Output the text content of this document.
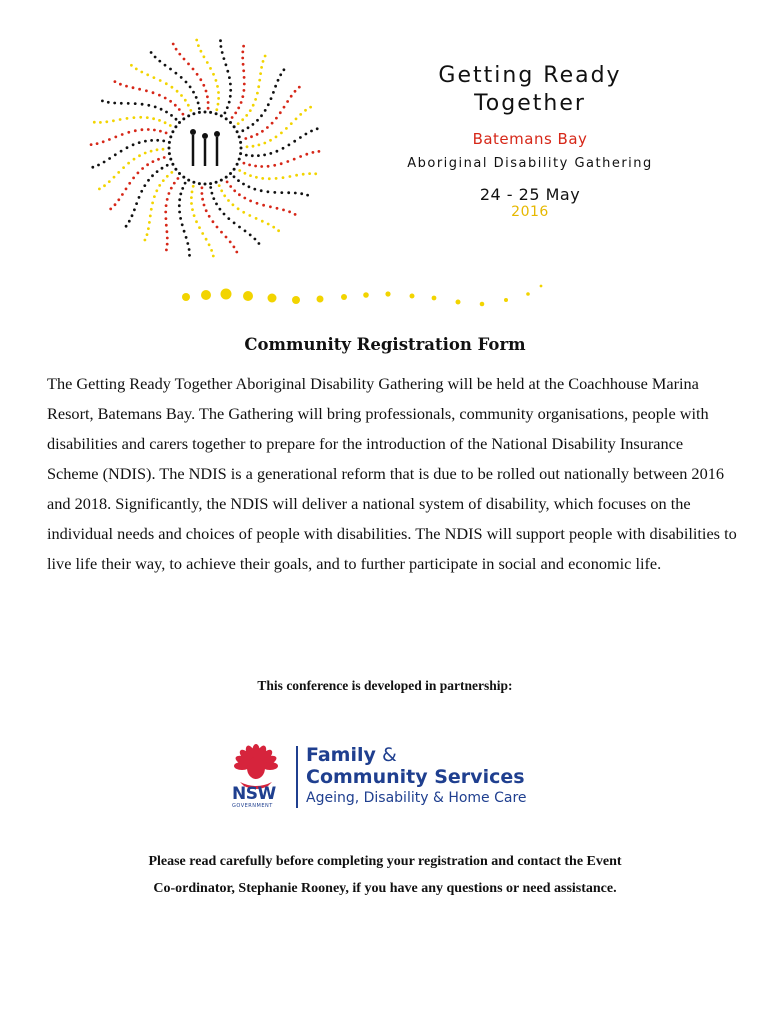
Getting Ready
Together
Batemans Bay
Aboriginal Disability Gathering
24 - 25 May
2016
Community Registration Form
The Getting Ready Together Aboriginal Disability Gathering will be held at the Coachhouse Marina Resort, Batemans Bay. The Gathering will bring professionals, community organisations, people with disabilities and carers together to prepare for the introduction of the National Disability Insurance Scheme (NDIS). The NDIS is a generational reform that is due to be rolled out nationally between 2016 and 2018. Significantly, the NDIS will deliver a national system of disability, which focuses on the individual needs and choices of people with disabilities. The NDIS will support people with disabilities to live life their way, to achieve their goals, and to further participate in social and economic life.
This conference is developed in partnership:
NSW
GOVERNMENT
Family &
Community Services
Ageing, Disability & Home Care
Please read carefully before completing your registration and contact the Event
Co-ordinator, Stephanie Rooney, if you have any questions or need assistance.
